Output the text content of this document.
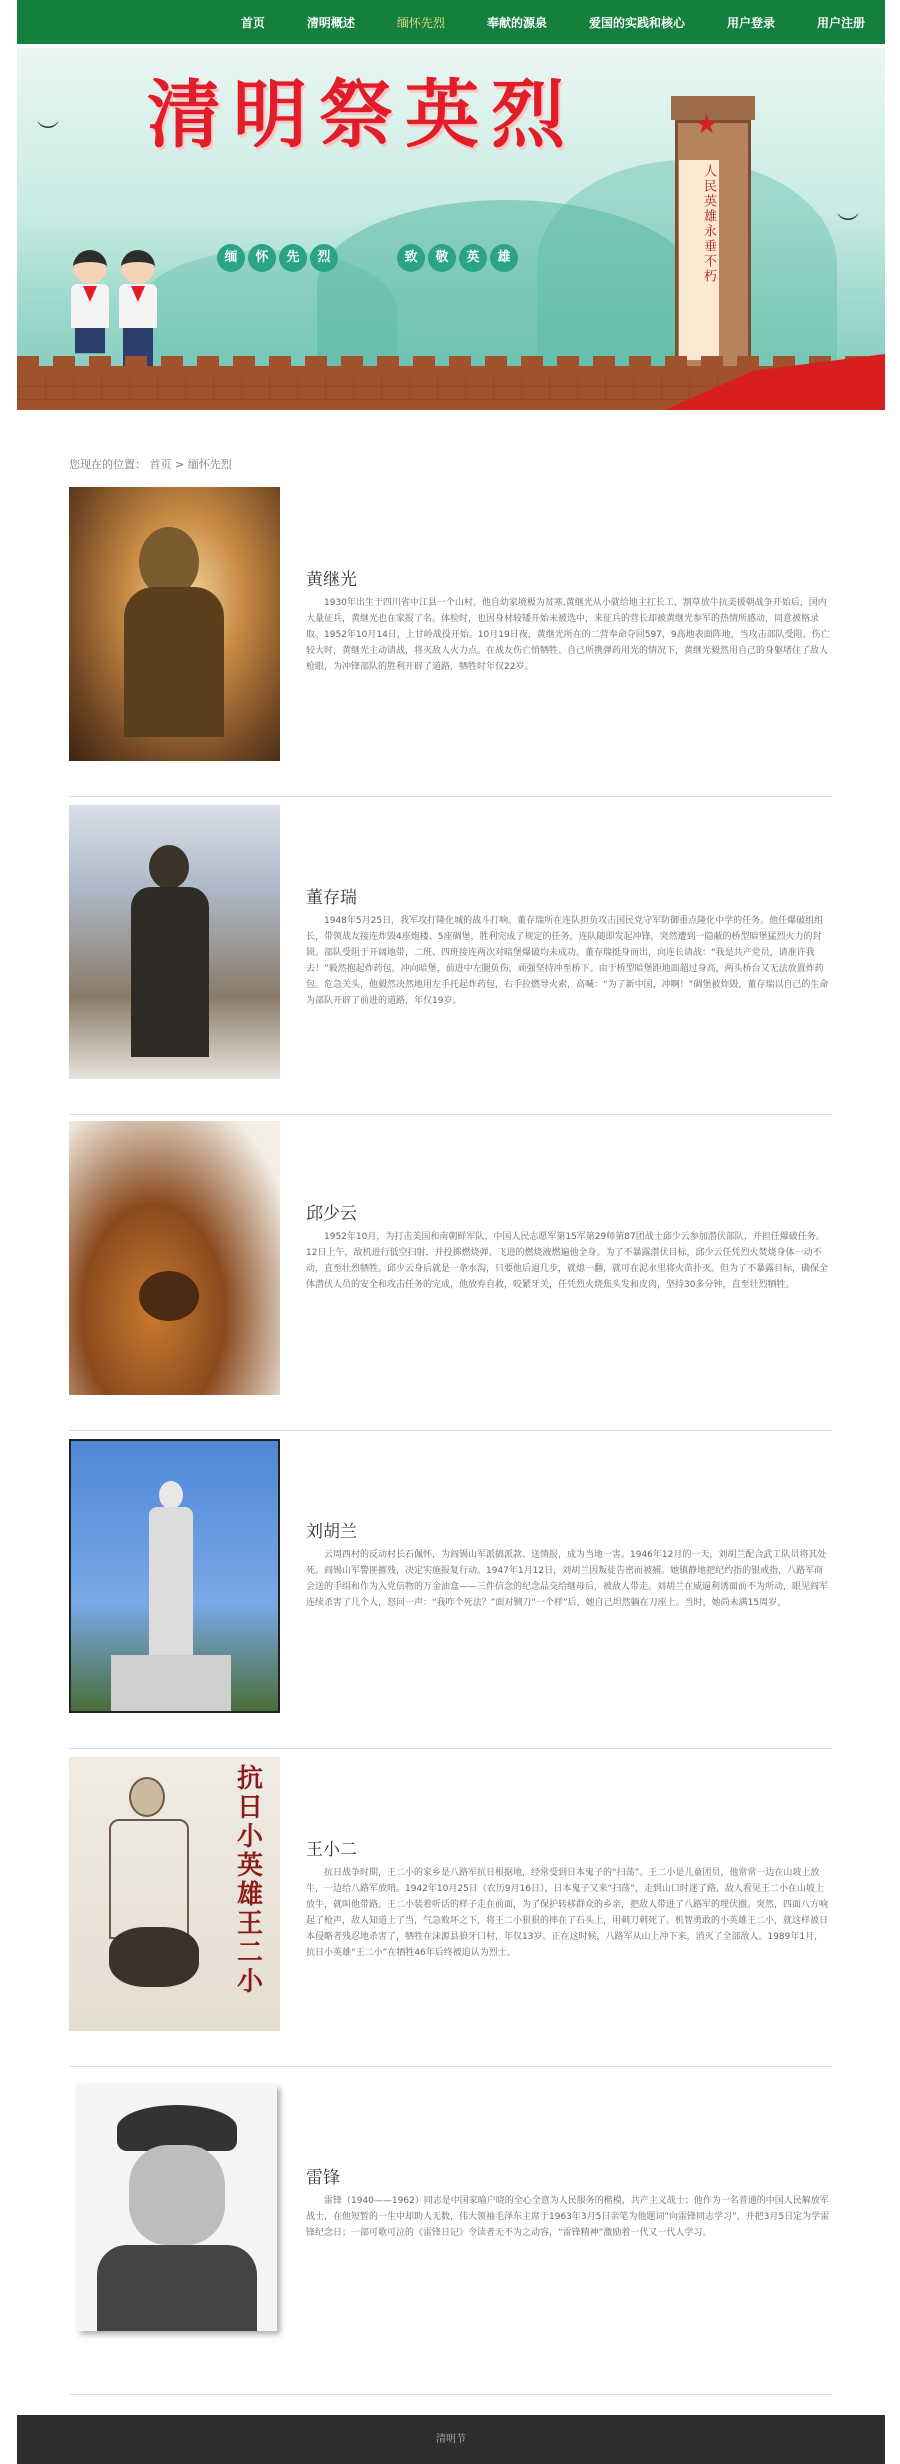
首页	清明概述	缅怀先烈	奉献的源泉	爱国的实践和核心	用户登录	用户注册
清明祭英烈
缅	怀	先	烈	致	敬	英	雄
★
人民英雄永垂不朽
︶
︶
您现在的位置： 首页 > 缅怀先烈
黄继光
1930年出生于四川省中江县一个山村。他自幼家境极为贫寒,黄继光从小就给地主扛长工、割草放牛抗美援朝战争开始后，国内大量征兵，黄继光也在家报了名。体检时，也因身材较矮开始未被选中，来征兵的营长却被黄继光参军的热情所感动，同意被格录取。1952年10月14日，上甘岭战役开始。10月19日夜，黄继光所在的二营奉命夺回597，9高地表面阵地，当攻击部队受阻、伤亡较大时，黄继光主动请战，将灭敌人火力点。在战友伤亡悄牺牲、自己所携弹药用光的情况下，黄继光毅然用自己的身躯堵住了敌人枪眼，为冲锋部队的胜利开辟了道路，牺牲时年仅22岁。
董存瑞
1948年5月25日，我军攻打隆化城的战斗打响。董存瑞所在连队担负攻击国民党守军防御重点隆化中学的任务。他任爆破组组长，带领战友接连炸毁4座炮楼、5座碉堡，胜利完成了规定的任务。连队随即发起冲锋，突然遭到一隐蔽的桥型暗堡猛烈火力的封锁。部队受阻于开阔地带，二班、四班接连两次对暗堡爆破均未成功。董存瑞挺身而出，向连长请战：“我是共产党员，请准许我去！”毅然抱起炸药包，冲向暗堡，前进中左腿负伤，顽强坚持冲至桥下。由于桥型暗堡距地面超过身高，两头桥台又无法放置炸药包。危急关头，他毅然决然地用左手托起炸药包，右手拉燃导火索，高喊：“为了新中国，冲啊！”碉堡被炸毁，董存瑞以自己的生命为部队开辟了前进的道路，年仅19岁。
邱少云
1952年10月，为打击美国和南朝鲜军队，中国人民志愿军第15军第29师第87团战士邱少云参加潜伏部队，并担任爆破任务。12日上午，敌机进行低空扫射，并投掷燃烧弹。飞进的燃烧液燃遍他全身。为了不暴露潜伏目标，邱少云任凭烈火焚烧身体一动不动，直至壮烈牺牲。邱少云身后就是一条水沟，只要他后退几步，就熄一翻，就可在泥水里将火苗扑灭。但为了不暴露目标，确保全体潜伏人员的安全和攻击任务的完成，他放弃自救，咬紧牙关，任凭烈火烧焦头发和皮肉，坚持30多分钟，直至壮烈牺牲。
刘胡兰
云周西村的反动村长石佩怀，为阎锡山军派搞派款、送情报，成为当地一害。1946年12月的一天，刘胡兰配合武工队员将其处死。阎锡山军警匪摧残，决定实施报复行动。1947年1月12日，刘胡兰因叛徒告密而被捕。她镇静地把纪约指的银戒指，八路军商会送的手绢和作为入党信物的万金油盒——三件信念的纪念品交给继母后，被敌人带走。刘胡兰在威逼利诱面前不为所动，眼见阎军连续杀害了几个人，怒问一声：“我咋个死法？”面对铡刀“一个样”后，她自己坦然躺在刀座上。当时，她尚未满15周岁。
抗日小英雄王二小
王小二
抗日战争时期，王二小的家乡是八路军抗日根据地，经常受到日本鬼子的“扫荡”。王二小是儿童团员，他常常一边在山坡上放牛，一边给八路军放哨。1942年10月25日（农历9月16日），日本鬼子又来“扫荡”，走到山口时迷了路，敌人看见王二小在山坡上放牛，就叫他带路。王二小装着听话的样子走在前面，为了保护转移群众的乡亲，把敌人带进了八路军的埋伏圈。突然，四面八方响起了枪声，敌人知道上了当，气急败坏之下，将王二小狠狠的摔在了石头上，用刺刀刺死了。机智勇敢的小英雄王二小，就这样被日本侵略者残忍地杀害了，牺牲在沫源县狼牙口村，年仅13岁。正在这时候，八路军从山上冲下来，消灭了全部敌人。1989年1月，抗日小英雄“王二小”在牺牲46年后终被追认为烈士。
雷锋
雷锋（1940——1962）同志是中国家喻户晓的全心全意为人民服务的楷模，共产主义战士；他作为一名普通的中国人民解放军战士，在他短暂的一生中却助人无数，伟大领袖毛泽东主席于1963年3月5日亲笔为他题词“向雷锋同志学习”，并把3月5日定为学雷锋纪念日；一部可歌可泣的《雷锋日记》令读者无不为之动容，“雷锋精神”激励着一代又一代人学习。
清明节
